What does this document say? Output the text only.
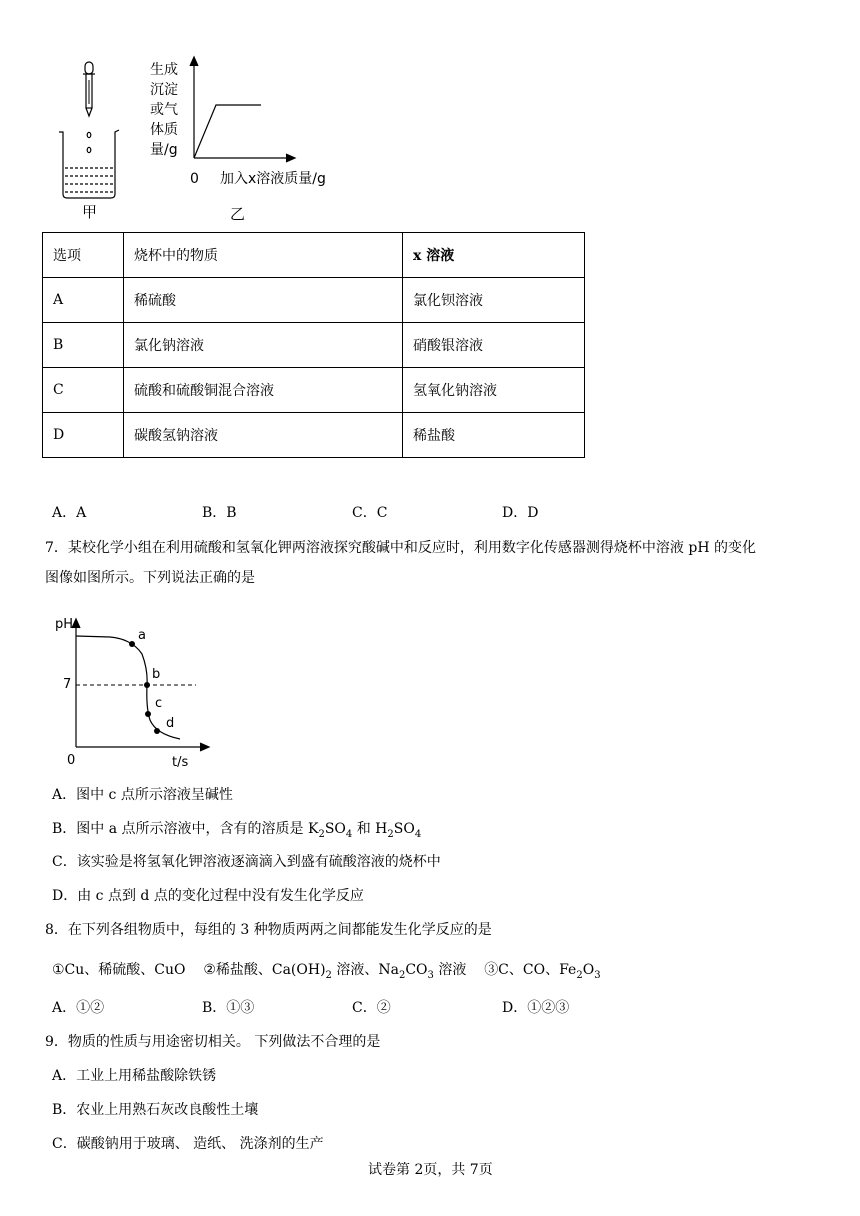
甲
生成
沉淀
或气
体质
量/g
0 加入x溶液质量/g
乙
选项	烧杯中的物质	x 溶液
A	稀硫酸	氯化钡溶液
B	氯化钠溶液	硝酸银溶液
C	硫酸和硫酸铜混合溶液	氢氧化钠溶液
D	碳酸氢钠溶液	稀盐酸
A．A	B．B	C．C	D．D
7．某校化学小组在利用硫酸和氢氧化钾两溶液探究酸碱中和反应时，利用数字化传感器测得烧杯中溶液 pH 的变化
图像如图所示。下列说法正确的是
pH
7
0	t/s
a
b
c
d
A．图中 c 点所示溶液呈碱性
B．图中 a 点所示溶液中，含有的溶质是 $K_2SO_4$ 和 $H_2SO_4$
C．该实验是将氢氧化钾溶液逐滴滴入到盛有硫酸溶液的烧杯中
D．由 c 点到 d 点的变化过程中没有发生化学反应
8．在下列各组物质中，每组的 3 种物质两两之间都能发生化学反应的是
①Cu、稀硫酸、CuO ②稀盐酸、$Ca(OH)_2$ 溶液、$Na_2CO_3$ 溶液 ③C、CO、$Fe_2O_3$
A．①②	B．①③	C．②	D．①②③
9．物质的性质与用途密切相关。 下列做法不合理的是
A．工业上用稀盐酸除铁锈
B．农业上用熟石灰改良酸性土壤
C．碳酸钠用于玻璃、 造纸、 洗涤剂的生产
试卷第 2页，共 7页
